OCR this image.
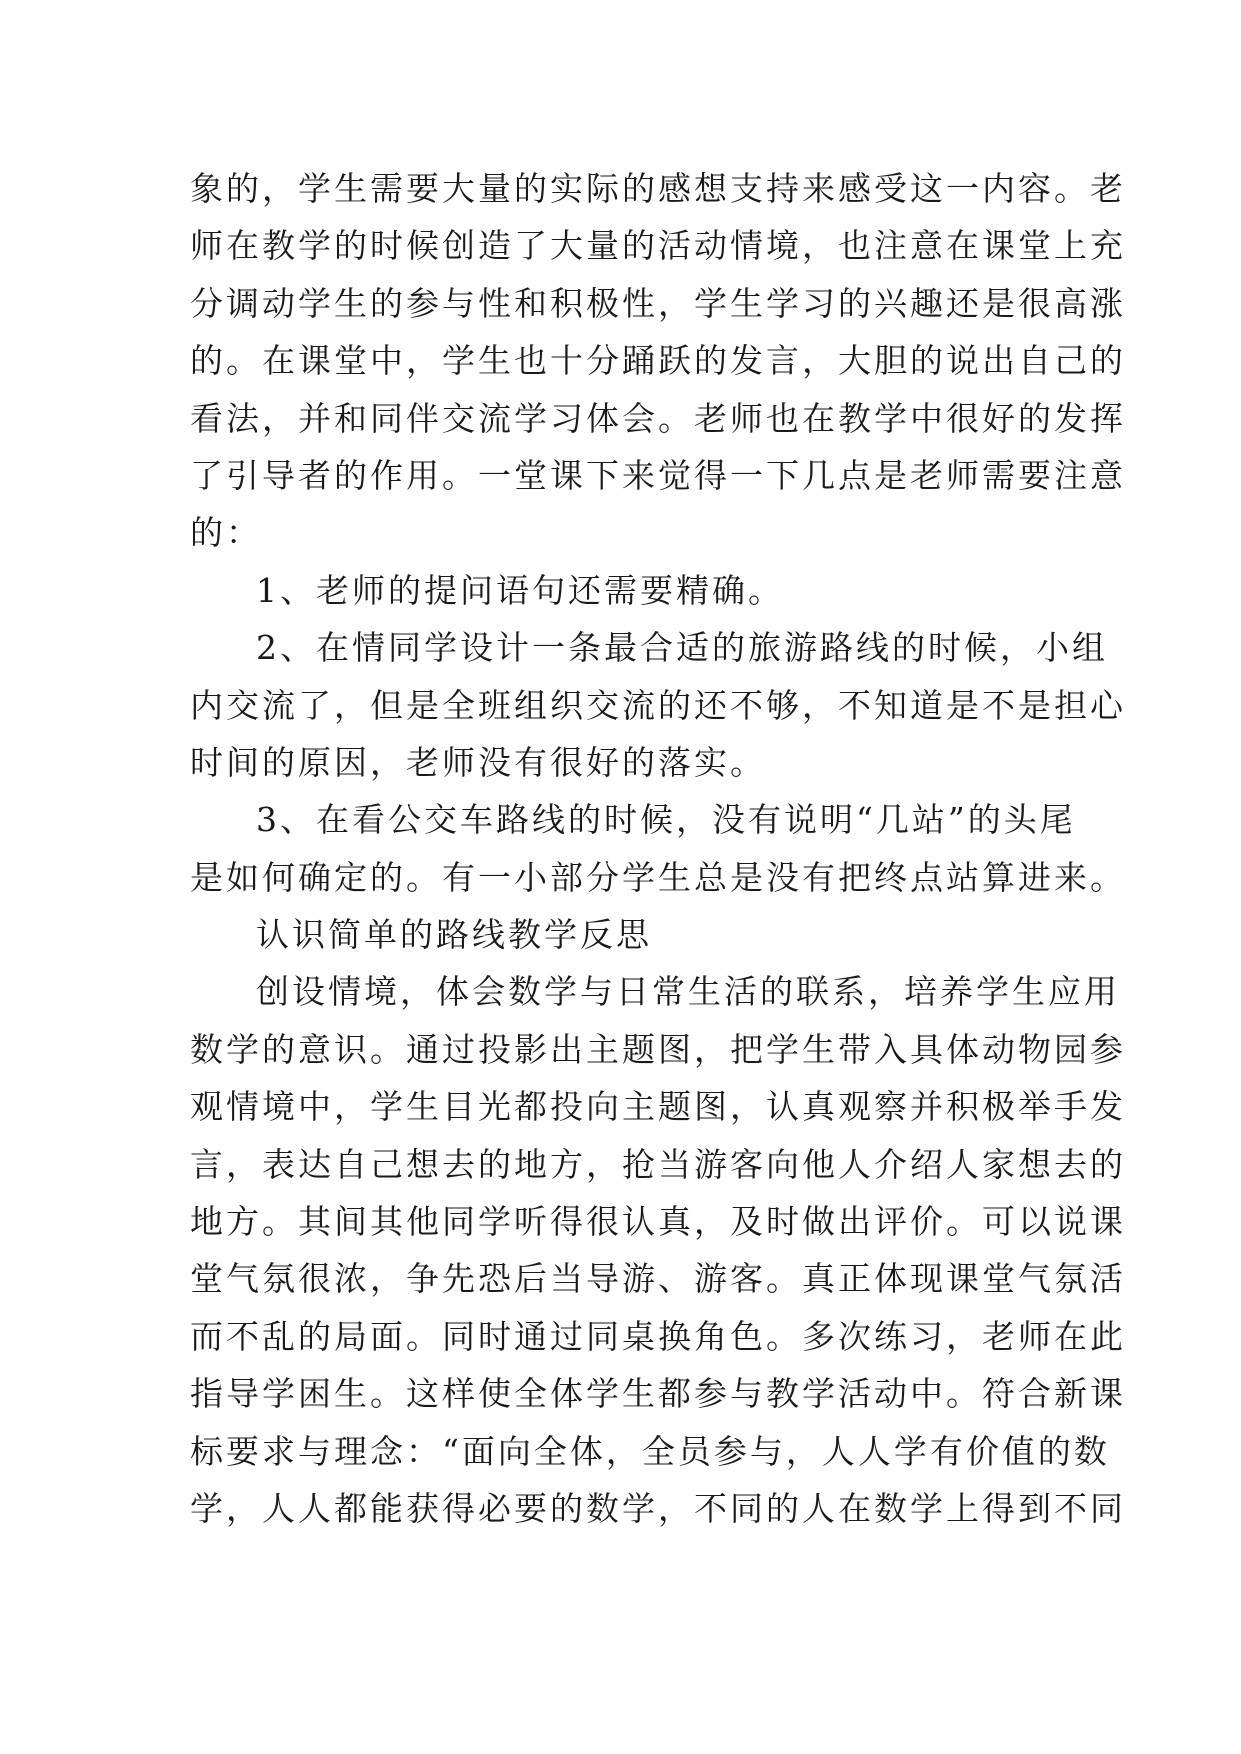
象的，学生需要大量的实际的感想支持来感受这一内容。老
师在教学的时候创造了大量的活动情境，也注意在课堂上充
分调动学生的参与性和积极性，学生学习的兴趣还是很高涨
的。在课堂中，学生也十分踊跃的发言，大胆的说出自己的
看法，并和同伴交流学习体会。老师也在教学中很好的发挥
了引导者的作用。一堂课下来觉得一下几点是老师需要注意
的：
1、老师的提问语句还需要精确。
2、在情同学设计一条最合适的旅游路线的时候，小组
内交流了，但是全班组织交流的还不够，不知道是不是担心
时间的原因，老师没有很好的落实。
3、在看公交车路线的时候，没有说明“几站”的头尾
是如何确定的。有一小部分学生总是没有把终点站算进来。
认识简单的路线教学反思
创设情境，体会数学与日常生活的联系，培养学生应用
数学的意识。通过投影出主题图，把学生带入具体动物园参
观情境中，学生目光都投向主题图，认真观察并积极举手发
言，表达自己想去的地方，抢当游客向他人介绍人家想去的
地方。其间其他同学听得很认真，及时做出评价。可以说课
堂气氛很浓，争先恐后当导游、游客。真正体现课堂气氛活
而不乱的局面。同时通过同桌换角色。多次练习，老师在此
指导学困生。这样使全体学生都参与教学活动中。符合新课
标要求与理念：“面向全体，全员参与，人人学有价值的数
学，人人都能获得必要的数学，不同的人在数学上得到不同
